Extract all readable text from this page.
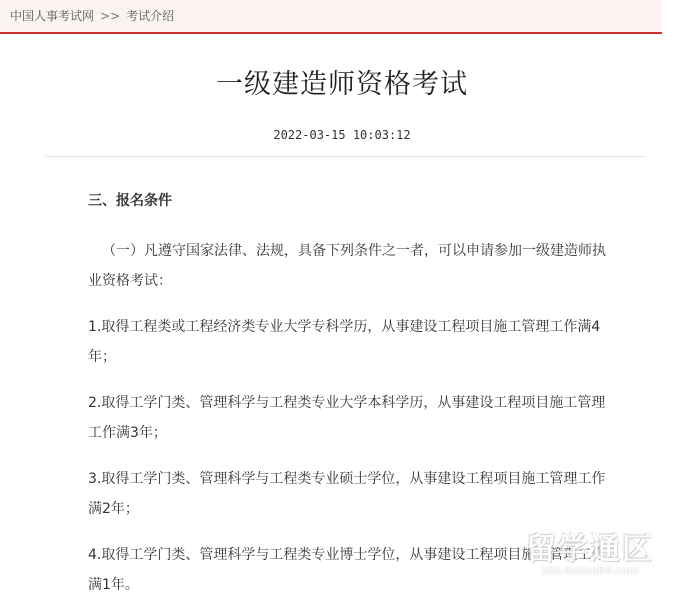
中国人事考试网 >> 考试介绍
一级建造师资格考试
2022-03-15 10:03:12
三、报名条件

（一）凡遵守国家法律、法规，具备下列条件之一者，可以申请参加一级建造师执业资格考试：

1.取得工程类或工程经济类专业大学专科学历，从事建设工程项目施工管理工作满4年；

2.取得工学门类、管理科学与工程类专业大学本科学历，从事建设工程项目施工管理工作满3年；

3.取得工学门类、管理科学与工程类专业硕士学位，从事建设工程项目施工管理工作满2年；

4.取得工学门类、管理科学与工程类专业博士学位，从事建设工程项目施工管理工作满1年。

留学通区
bbs.liuxue86.com
